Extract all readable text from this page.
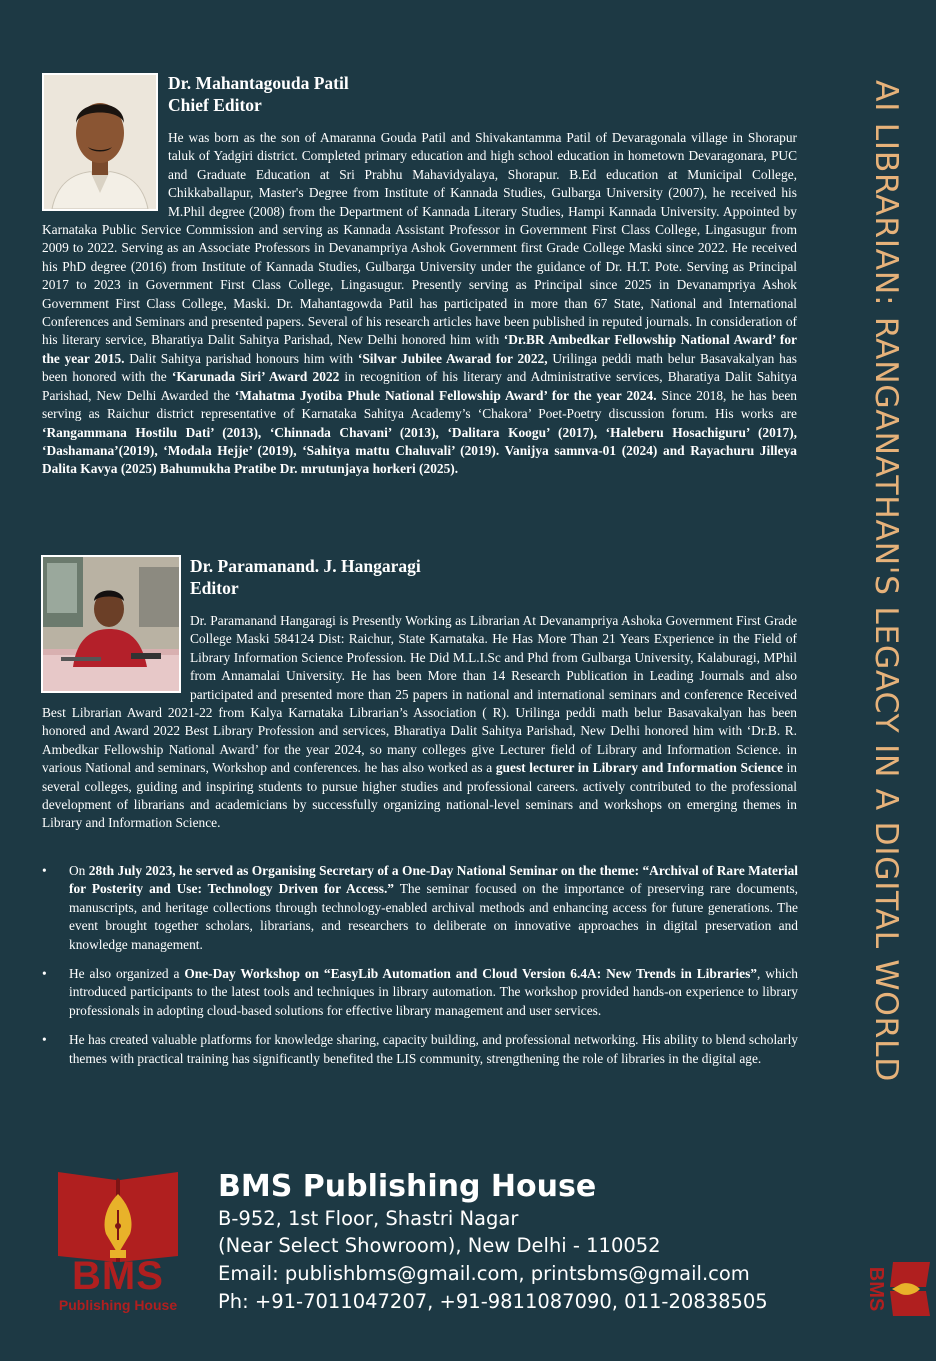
AI LIBRARIAN: RANGANATHAN'S LEGACY IN A DIGITAL WORLD

Dr. Mahantagouda Patil

Chief Editor

He was born as the son of Amaranna Gouda Patil and Shivakantamma Patil of Devaragonala village in Shorapur taluk of Yadgiri district. Completed primary education and high school education in hometown Devaragonara, PUC and Graduate Education at Sri Prabhu Mahavidyalaya, Shorapur. B.Ed education at Municipal College, Chikkaballapur, Master's Degree from Institute of Kannada Studies, Gulbarga University (2007), he received his M.Phil degree (2008) from the Department of Kannada Literary Studies, Hampi Kannada University. Appointed by Karnataka Public Service Commission and serving as Kannada Assistant Professor in Government First Class College, Lingasugur from 2009 to 2022. Serving as an Associate Professors in Devanampriya Ashok Government first Grade College Maski since 2022. He received his PhD degree (2016) from Institute of Kannada Studies, Gulbarga University under the guidance of Dr. H.T. Pote. Serving as Principal 2017 to 2023 in Government First Class College, Lingasugur. Presently serving as Principal since 2025 in Devanampriya Ashok Government First Class College, Maski. Dr. Mahantagowda Patil has participated in more than 67 State, National and International Conferences and Seminars and presented papers. Several of his research articles have been published in reputed journals. In consideration of his literary service, Bharatiya Dalit Sahitya Parishad, New Delhi honored him with ‘Dr.BR Ambedkar Fellowship National Award’ for the year 2015. Dalit Sahitya parishad honours him with ‘Silvar Jubilee Awarad for 2022, Urilinga peddi math belur Basavakalyan has been honored with the ‘Karunada Siri’ Award 2022 in recognition of his literary and Administrative services, Bharatiya Dalit Sahitya Parishad, New Delhi Awarded the ‘Mahatma Jyotiba Phule National Fellowship Award’ for the year 2024. Since 2018, he has been serving as Raichur district representative of Karnataka Sahitya Academy’s ‘Chakora’ Poet-Poetry discussion forum. His works are ‘Rangammana Hostilu Dati’ (2013), ‘Chinnada Chavani’ (2013), ‘Dalitara Koogu’ (2017), ‘Haleberu Hosachiguru’ (2017), ‘Dashamana’(2019), ‘Modala Hejje’ (2019), ‘Sahitya mattu Chaluvali’ (2019). Vanijya samnva-01 (2024) and Rayachuru Jilleya Dalita Kavya (2025) Bahumukha Pratibe Dr. mrutunjaya horkeri (2025).

Dr. Paramanand. J. Hangaragi

Editor

Dr. Paramanand Hangaragi is Presently Working as Librarian At Devanampriya Ashoka Government First Grade College Maski 584124 Dist: Raichur, State Karnataka. He Has More Than 21 Years Experience in the Field of Library Information Science Profession. He Did M.L.I.Sc and Phd from Gulbarga University, Kalaburagi, MPhil from Annamalai University. He has been More than 14 Research Publication in Leading Journals and also participated and presented more than 25 papers in national and international seminars and conference Received Best Librarian Award 2021-22 from Kalya Karnataka Librarian’s Association ( R). Urilinga peddi math belur Basavakalyan has been honored and Award 2022 Best Library Profession and services, Bharatiya Dalit Sahitya Parishad, New Delhi honored him with ‘Dr.B. R. Ambedkar Fellowship National Award’ for the year 2024, so many colleges give Lecturer field of Library and Information Science. in various National and seminars, Workshop and conferences. he has also worked as a guest lecturer in Library and Information Science in several colleges, guiding and inspiring students to pursue higher studies and professional careers. actively contributed to the professional development of librarians and academicians by successfully organizing national-level seminars and workshops on emerging themes in Library and Information Science.

• On 28th July 2023, he served as Organising Secretary of a One-Day National Seminar on the theme: “Archival of Rare Material for Posterity and Use: Technology Driven for Access.” The seminar focused on the importance of preserving rare documents, manuscripts, and heritage collections through technology-enabled archival methods and enhancing access for future generations. The event brought together scholars, librarians, and researchers to deliberate on innovative approaches in digital preservation and knowledge management.
• He also organized a One-Day Workshop on “EasyLib Automation and Cloud Version 6.4A: New Trends in Libraries”, which introduced participants to the latest tools and techniques in library automation. The workshop provided hands-on experience to library professionals in adopting cloud-based solutions for effective library management and user services.
• He has created valuable platforms for knowledge sharing, capacity building, and professional networking. His ability to blend scholarly themes with practical training has significantly benefited the LIS community, strengthening the role of libraries in the digital age.
BMS
Publishing House

BMS Publishing House

B-952, 1st Floor, Shastri Nagar

(Near Select Showroom), New Delhi - 110052

Email: publishbms@gmail.com, printsbms@gmail.com

Ph: +91-7011047207, +91-9811087090, 011-20838505	BMS
